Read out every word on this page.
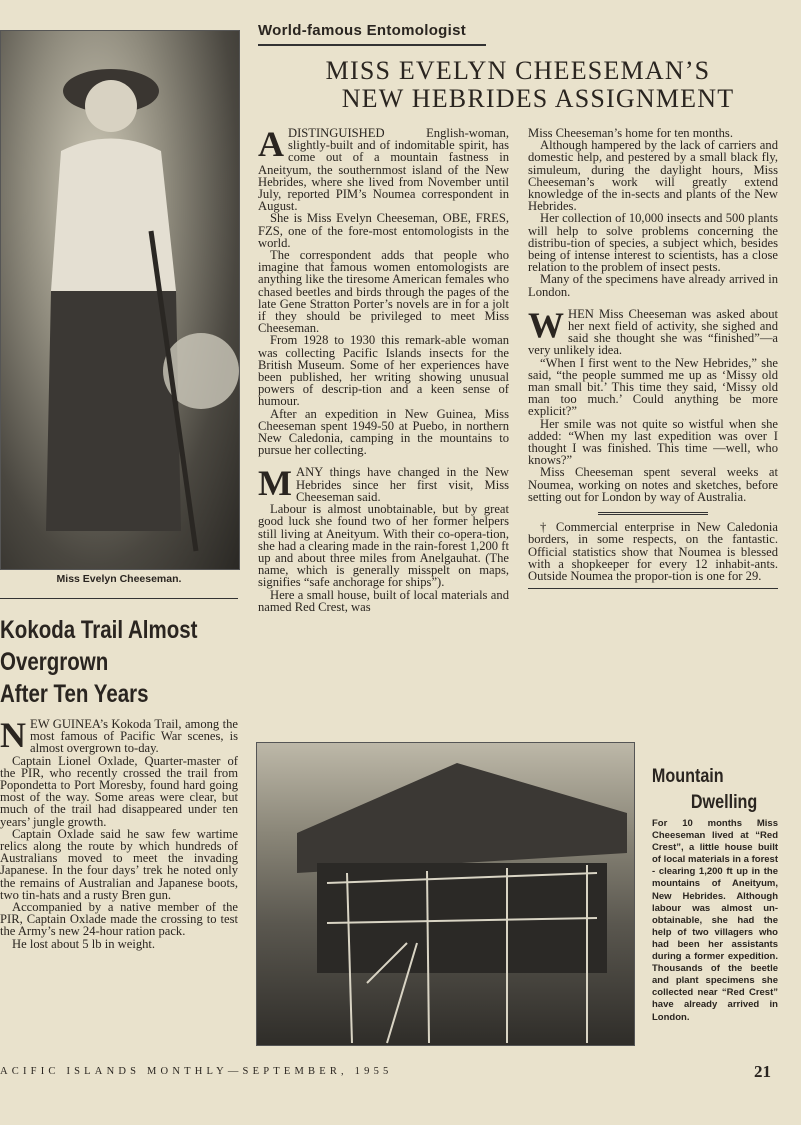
World-famous Entomologist
MISS EVELYN CHEESEMAN’S
NEW HEBRIDES ASSIGNMENT
Miss Evelyn Cheeseman.
Kokoda Trail Almost
Overgrown
After Ten Years

NEW GUINEA’s Kokoda Trail, among the most famous of Pacific War scenes, is almost overgrown to-day.

Captain Lionel Oxlade, Quarter-master of the PIR, who recently crossed the trail from Popondetta to Port Moresby, found hard going most of the way. Some areas were clear, but much of the trail had disappeared under ten years’ jungle growth.

Captain Oxlade said he saw few wartime relics along the route by which hundreds of Australians moved to meet the invading Japanese. In the four days’ trek he noted only the remains of Australian and Japanese boots, two tin-hats and a rusty Bren gun.

Accompanied by a native member of the PIR, Captain Oxlade made the crossing to test the Army’s new 24-hour ration pack.

He lost about 5 lb in weight.

ADISTINGUISHED English-woman, slightly-built and of indomitable spirit, has come out of a mountain fastness in Aneityum, the southernmost island of the New Hebrides, where she lived from November until July, reported PIM’s Noumea correspondent in August.

She is Miss Evelyn Cheeseman, OBE, FRES, FZS, one of the fore-most entomologists in the world.

The correspondent adds that people who imagine that famous women entomologists are anything like the tiresome American females who chased beetles and birds through the pages of the late Gene Stratton Porter’s novels are in for a jolt if they should be privileged to meet Miss Cheeseman.

From 1928 to 1930 this remark-able woman was collecting Pacific Islands insects for the British Museum. Some of her experiences have been published, her writing showing unusual powers of descrip-tion and a keen sense of humour.

After an expedition in New Guinea, Miss Cheeseman spent 1949-50 at Puebo, in northern New Caledonia, camping in the mountains to pursue her collecting.

MANY things have changed in the New Hebrides since her first visit, Miss Cheeseman said.

Labour is almost unobtainable, but by great good luck she found two of her former helpers still living at Aneityum. With their co-opera-tion, she had a clearing made in the rain-forest 1,200 ft up and about three miles from Anelgauhat. (The name, which is generally misspelt on maps, signifies “safe anchorage for ships”).

Here a small house, built of local materials and named Red Crest, was

Miss Cheeseman’s home for ten months.

Although hampered by the lack of carriers and domestic help, and pestered by a small black fly, simuleum, during the daylight hours, Miss Cheeseman’s work will greatly extend knowledge of the in-sects and plants of the New Hebrides.

Her collection of 10,000 insects and 500 plants will help to solve problems concerning the distribu-tion of species, a subject which, besides being of intense interest to scientists, has a close relation to the problem of insect pests.

Many of the specimens have already arrived in London.

WHEN Miss Cheeseman was asked about her next field of activity, she sighed and said she thought she was “finished”—a very unlikely idea.

“When I first went to the New Hebrides,” she said, “the people summed me up as ‘Missy old man small bit.’ This time they said, ‘Missy old man too much.’ Could anything be more explicit?”

Her smile was not quite so wistful when she added: “When my last expedition was over I thought I was finished. This time —well, who knows?”

Miss Cheeseman spent several weeks at Noumea, working on notes and sketches, before setting out for London by way of Australia.

† Commercial enterprise in New Caledonia borders, in some respects, on the fantastic. Official statistics show that Noumea is blessed with a shopkeeper for every 12 inhabit-ants. Outside Noumea the propor-tion is one for 29.

Mountain
Dwelling
For 10 months Miss Cheeseman lived at “Red Crest”, a little house built of local materials in a forest - clearing 1,200 ft up in the mountains of Aneityum, New Hebrides. Although labour was almost un-obtainable, she had the help of two villagers who had been her assistants during a former expedition. Thousands of the beetle and plant specimens she collected near “Red Crest” have already arrived in London.
ACIFIC ISLANDS MONTHLY—SEPTEMBER, 1955	21
